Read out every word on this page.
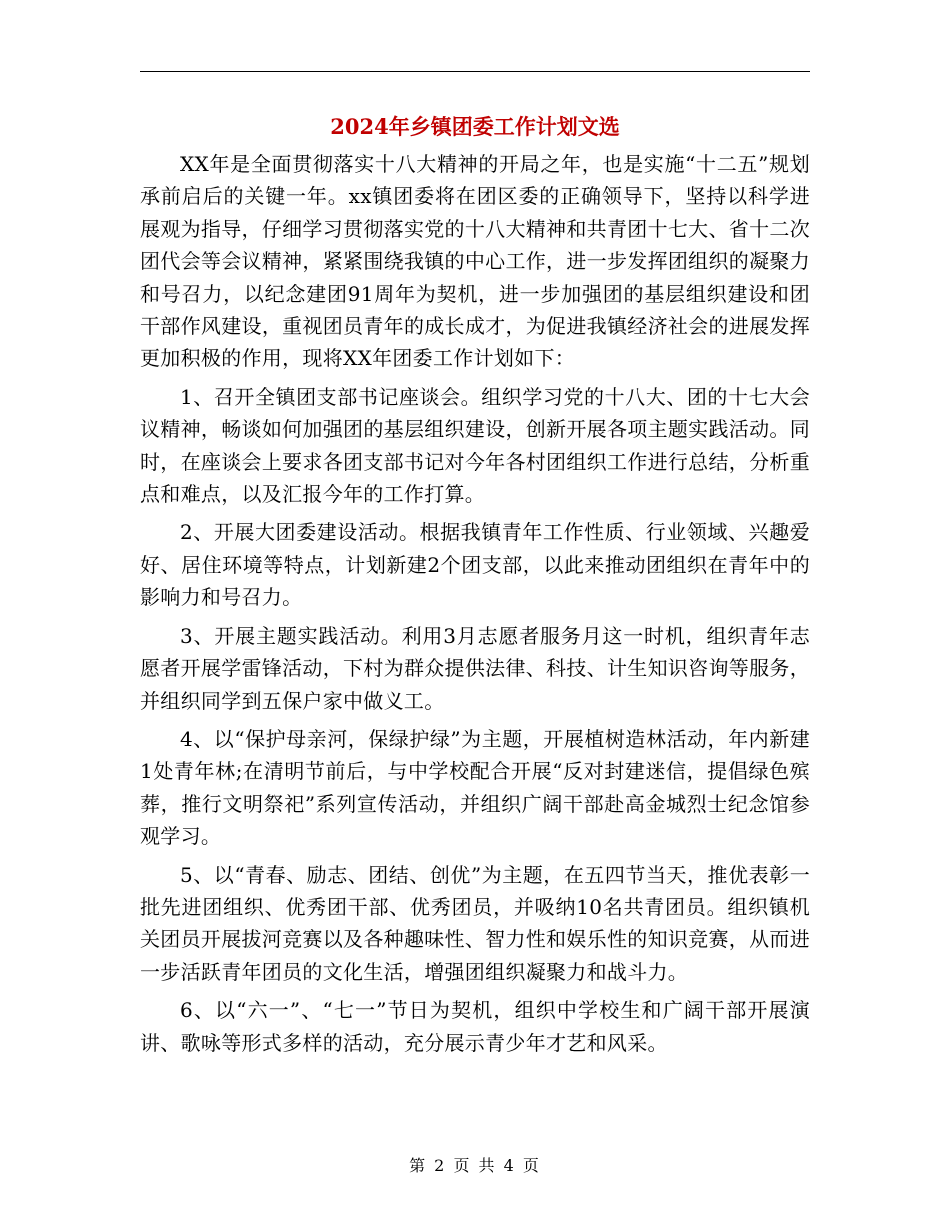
2024年乡镇团委工作计划文选

XX年是全面贯彻落实十八大精神的开局之年，也是实施“十二五”规划承前启后的关键一年。xx镇团委将在团区委的正确领导下，坚持以科学进展观为指导，仔细学习贯彻落实党的十八大精神和共青团十七大、省十二次团代会等会议精神，紧紧围绕我镇的中心工作，进一步发挥团组织的凝聚力和号召力，以纪念建团91周年为契机，进一步加强团的基层组织建设和团干部作风建设，重视团员青年的成长成才，为促进我镇经济社会的进展发挥更加积极的作用，现将XX年团委工作计划如下：

1、召开全镇团支部书记座谈会。组织学习党的十八大、团的十七大会议精神，畅谈如何加强团的基层组织建设，创新开展各项主题实践活动。同时，在座谈会上要求各团支部书记对今年各村团组织工作进行总结，分析重点和难点，以及汇报今年的工作打算。

2、开展大团委建设活动。根据我镇青年工作性质、行业领域、兴趣爱好、居住环境等特点，计划新建2个团支部，以此来推动团组织在青年中的影响力和号召力。

3、开展主题实践活动。利用3月志愿者服务月这一时机，组织青年志愿者开展学雷锋活动，下村为群众提供法律、科技、计生知识咨询等服务，并组织同学到五保户家中做义工。

4、以“保护母亲河，保绿护绿”为主题，开展植树造林活动，年内新建1处青年林;在清明节前后，与中学校配合开展“反对封建迷信，提倡绿色殡葬，推行文明祭祀”系列宣传活动，并组织广阔干部赴高金城烈士纪念馆参观学习。

5、以“青春、励志、团结、创优”为主题，在五四节当天，推优表彰一批先进团组织、优秀团干部、优秀团员，并吸纳10名共青团员。组织镇机关团员开展拔河竞赛以及各种趣味性、智力性和娱乐性的知识竞赛，从而进一步活跃青年团员的文化生活，增强团组织凝聚力和战斗力。

6、以“六一”、“七一”节日为契机，组织中学校生和广阔干部开展演讲、歌咏等形式多样的活动，充分展示青少年才艺和风采。

第 2 页 共 4 页
